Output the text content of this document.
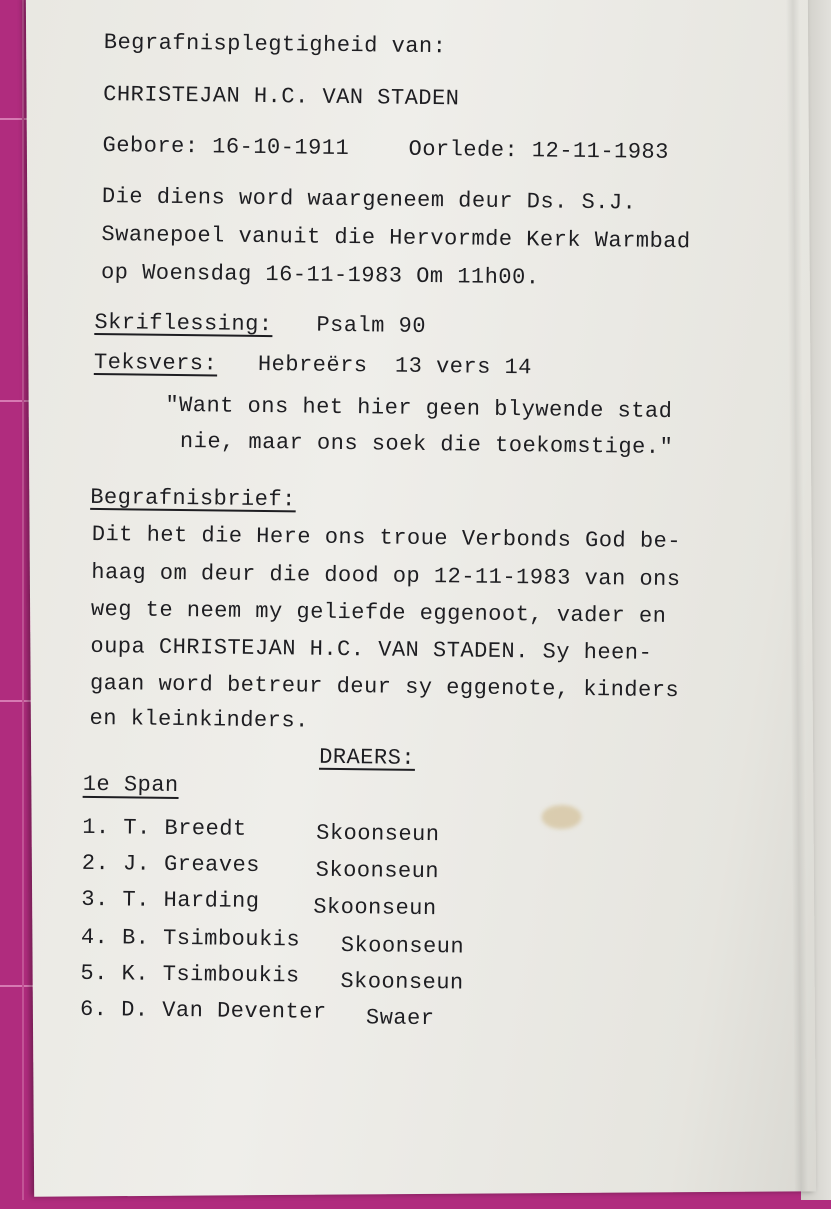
Begrafnisplegtigheid van:
CHRISTEJAN H.C. VAN STADEN
Gebore: 16-10-1911	Oorlede: 12-11-1983
Die diens word waargeneem deur Ds. S.J.
Swanepoel vanuit die Hervormde Kerk Warmbad
op Woensdag 16-11-1983 Om 11h00.
Skriflessing: Psalm 90
Teksvers: Hebreërs  13 vers 14
"Want ons het hier geen blywende stad
nie, maar ons soek die toekomstige."
Begrafnisbrief:
Dit het die Here ons troue Verbonds God be-
haag om deur die dood op 12-11-1983 van ons
weg te neem my geliefde eggenoot, vader en
oupa CHRISTEJAN H.C. VAN STADEN. Sy heen-
gaan word betreur deur sy eggenote, kinders
en kleinkinders.
DRAERS:
1e Span
1. T. Breedt	Skoonseun
2. J. Greaves	Skoonseun
3. T. Harding Skoonseun
4. B. Tsimboukis Skoonseun
5. K. Tsimboukis Skoonseun
6. D. Van Deventer Swaer
